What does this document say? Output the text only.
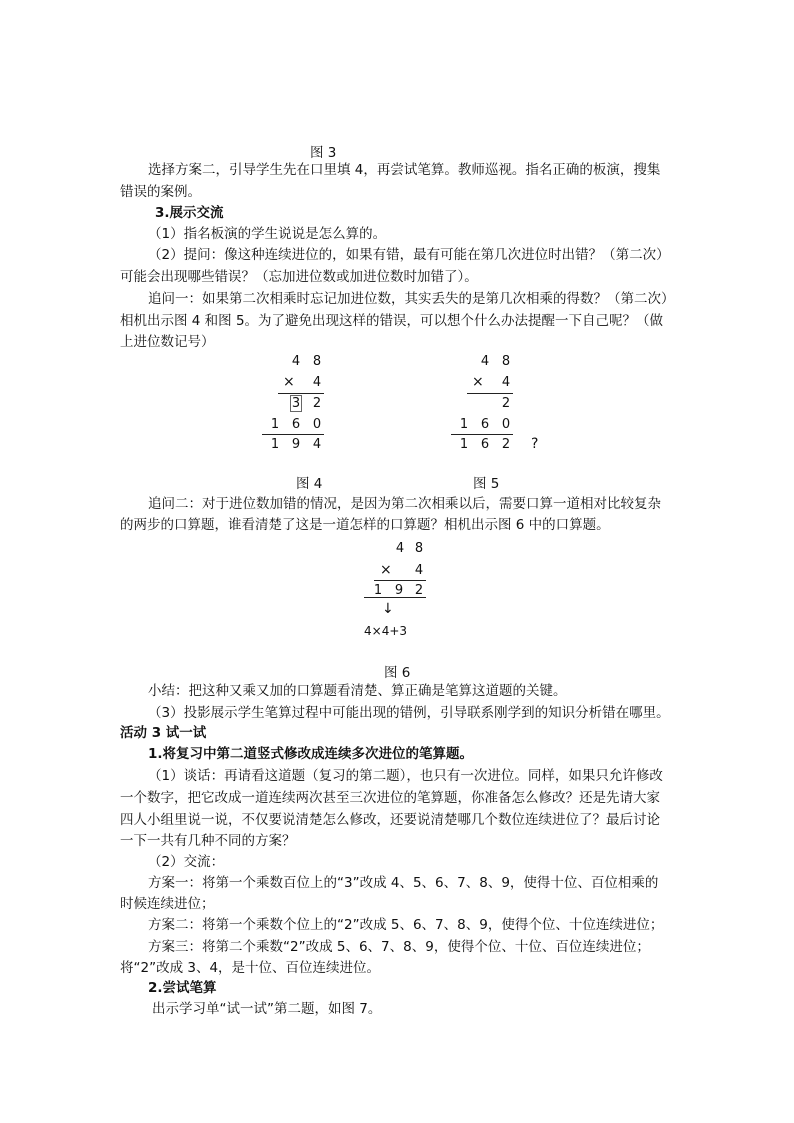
图 3
选择方案二，引导学生先在口里填 4，再尝试笔算。教师巡视。指名正确的板演，搜集
错误的案例。
3.展示交流
（1）指名板演的学生说说是怎么算的。
（2）提问：像这种连续进位的，如果有错，最有可能在第几次进位时出错？（第二次）
可能会出现哪些错误？（忘加进位数或加进位数时加错了）。
追问一：如果第二次相乘时忘记加进位数，其实丢失的是第几次相乘的得数？（第二次）
相机出示图 4 和图 5。为了避免出现这样的错误，可以想个什么办法提醒一下自己呢？（做
上进位数记号）
4 8
× 4
3 2
1 6 0
1 9 4
图 4
4 8
× 4
2
1 6 0
1 6 2 ?
图 5
追问二：对于进位数加错的情况，是因为第二次相乘以后，需要口算一道相对比较复杂
的两步的口算题，谁看清楚了这是一道怎样的口算题？相机出示图 6 中的口算题。
4 8
× 4
1 9 2
↓
4×4+3
图 6
小结：把这种又乘又加的口算题看清楚、算正确是笔算这道题的关键。
（3）投影展示学生笔算过程中可能出现的错例，引导联系刚学到的知识分析错在哪里。
活动 3 试一试
1.将复习中第二道竖式修改成连续多次进位的笔算题。
（1）谈话：再请看这道题（复习的第二题），也只有一次进位。同样，如果只允许修改
一个数字，把它改成一道连续两次甚至三次进位的笔算题，你准备怎么修改？还是先请大家
四人小组里说一说，不仅要说清楚怎么修改，还要说清楚哪几个数位连续进位了？最后讨论
一下一共有几种不同的方案？
（2）交流：
方案一：将第一个乘数百位上的“3”改成 4、5、6、7、8、9，使得十位、百位相乘的
时候连续进位；
方案二：将第一个乘数个位上的“2”改成 5、6、7、8、9，使得个位、十位连续进位；
方案三：将第二个乘数“2”改成 5、6、7、8、9，使得个位、十位、百位连续进位；
将“2”改成 3、4，是十位、百位连续进位。
2.尝试笔算
出示学习单“试一试”第二题，如图 7。
